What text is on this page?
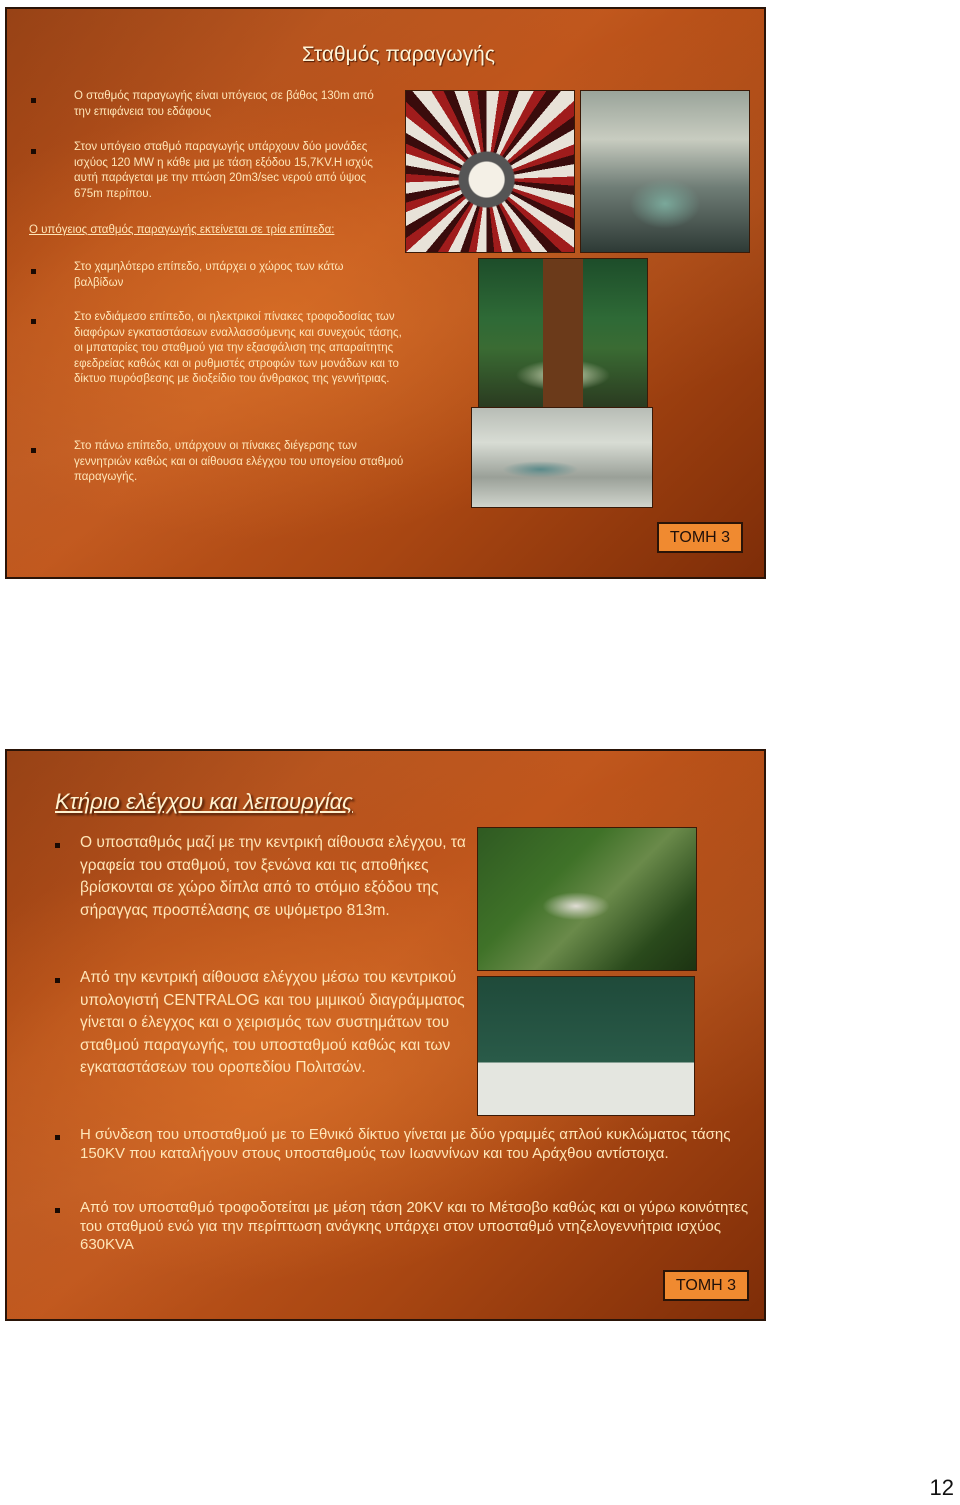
Σταθμός παραγωγής
Ο σταθμός παραγωγής είναι υπόγειος σε βάθος 130m από την επιφάνεια του εδάφους
Στον υπόγειο σταθμό παραγωγής υπάρχουν δύο μονάδες ισχύος 120 MW η κάθε μια με τάση εξόδου 15,7KV.Η ισχύς αυτή παράγεται με την πτώση 20m3/sec νερού από ύψος 675m περίπου.
Ο υπόγειος σταθμός παραγωγής εκτείνεται σε τρία επίπεδα:
Στο χαμηλότερο επίπεδο, υπάρχει ο χώρος των κάτω βαλβίδων
Στο ενδιάμεσο επίπεδο, οι ηλεκτρικοί πίνακες τροφοδοσίας των διαφόρων εγκαταστάσεων εναλλασσόμενης και συνεχούς τάσης, οι μπαταρίες του σταθμού για την εξασφάλιση της απαραίτητης εφεδρείας καθώς και οι ρυθμιστές στροφών των μονάδων και το δίκτυο πυρόσβεσης με διοξείδιο του άνθρακος της γεννήτριας.
Στο πάνω επίπεδο, υπάρχουν οι πίνακες διέγερσης των γεννητριών καθώς και οι αίθουσα ελέγχου του υπογείου σταθμού παραγωγής.
ΤΟΜΗ 3
Κτήριο ελέγχου και λειτουργίας
Ο υποσταθμός μαζί με την κεντρική αίθουσα ελέγχου, τα γραφεία του σταθμού, τον ξενώνα και τις αποθήκες βρίσκονται σε χώρο δίπλα από το στόμιο εξόδου της σήραγγας προσπέλασης σε υψόμετρο 813m.
Από την κεντρική αίθουσα ελέγχου μέσω του κεντρικού υπολογιστή CENTRALOG και του μιμικού διαγράμματος γίνεται ο έλεγχος και ο χειρισμός των συστημάτων του σταθμού παραγωγής, του υποσταθμού καθώς και των εγκαταστάσεων του οροπεδίου Πολιτσών.
Η σύνδεση του υποσταθμού με το Εθνικό δίκτυο γίνεται με δύο γραμμές απλού κυκλώματος τάσης 150KV που καταλήγουν στους υποσταθμούς των Ιωαννίνων και του Αράχθου αντίστοιχα.
Από τον υποσταθμό τροφοδοτείται με μέση τάση 20KV και το Μέτσοβο καθώς και οι γύρω κοινότητες του σταθμού ενώ για την περίπτωση ανάγκης υπάρχει στον υποσταθμό ντηζελογεννήτρια ισχύος 630KVA
ΤΟΜΗ 3
12
